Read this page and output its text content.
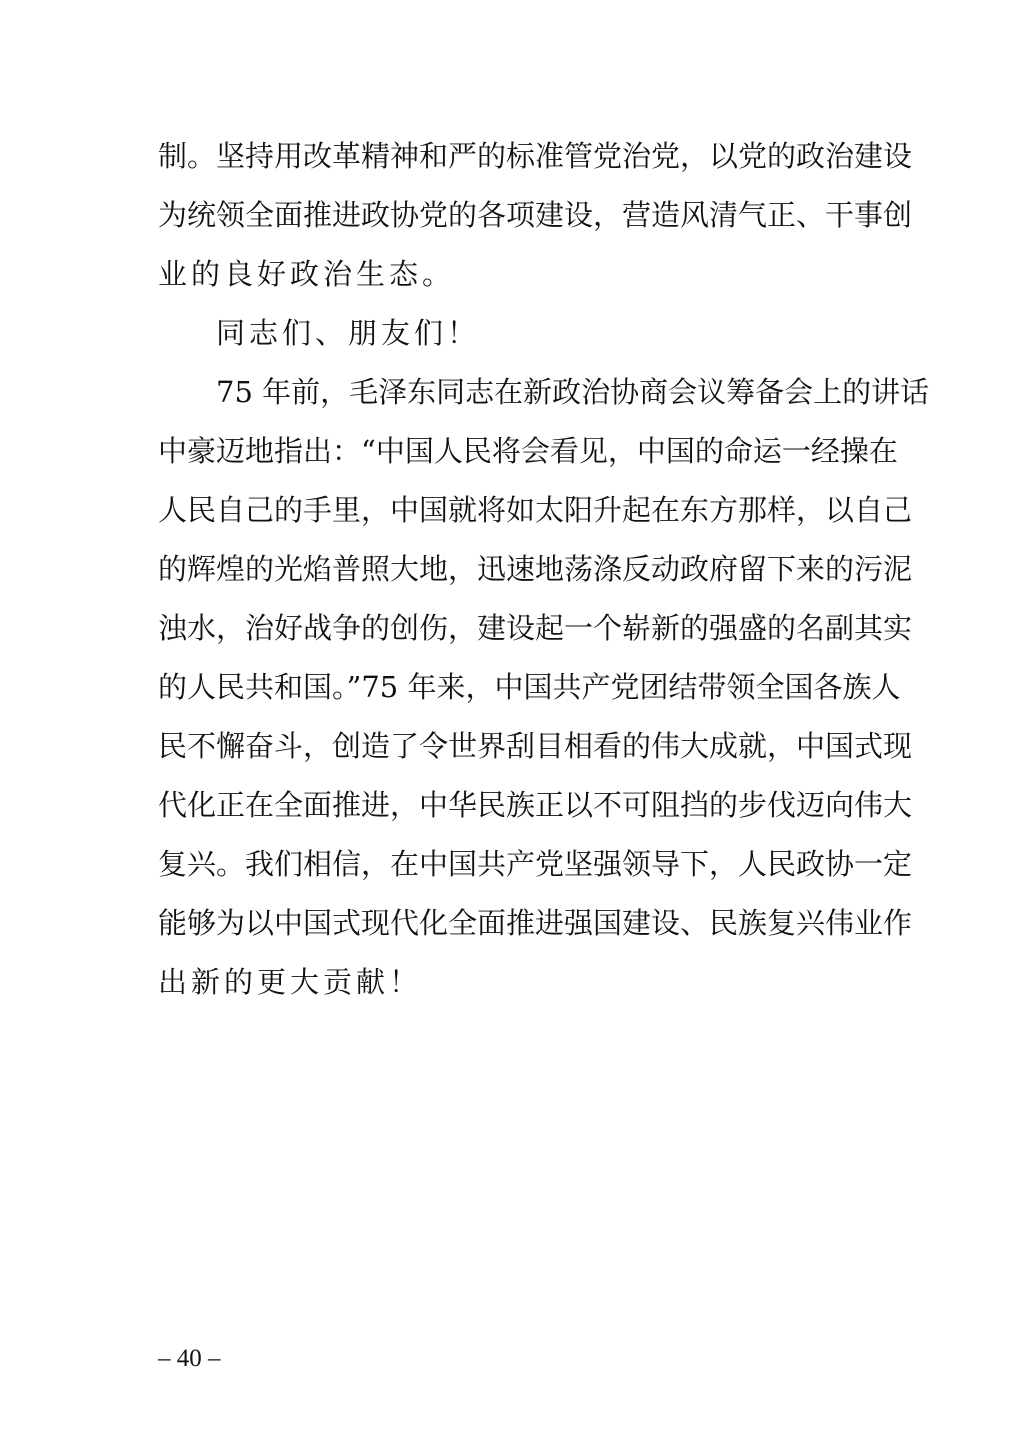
制。坚持用改革精神和严的标准管党治党，以党的政治建设
为统领全面推进政协党的各项建设，营造风清气正、干事创
业的良好政治生态。
同志们、朋友们！
75 年前，毛泽东同志在新政治协商会议筹备会上的讲话
中豪迈地指出：“中国人民将会看见，中国的命运一经操在
人民自己的手里，中国就将如太阳升起在东方那样，以自己
的辉煌的光焰普照大地，迅速地荡涤反动政府留下来的污泥
浊水，治好战争的创伤，建设起一个崭新的强盛的名副其实
的人民共和国。”75 年来，中国共产党团结带领全国各族人
民不懈奋斗，创造了令世界刮目相看的伟大成就，中国式现
代化正在全面推进，中华民族正以不可阻挡的步伐迈向伟大
复兴。我们相信，在中国共产党坚强领导下，人民政协一定
能够为以中国式现代化全面推进强国建设、民族复兴伟业作
出新的更大贡献！
– 40 –
